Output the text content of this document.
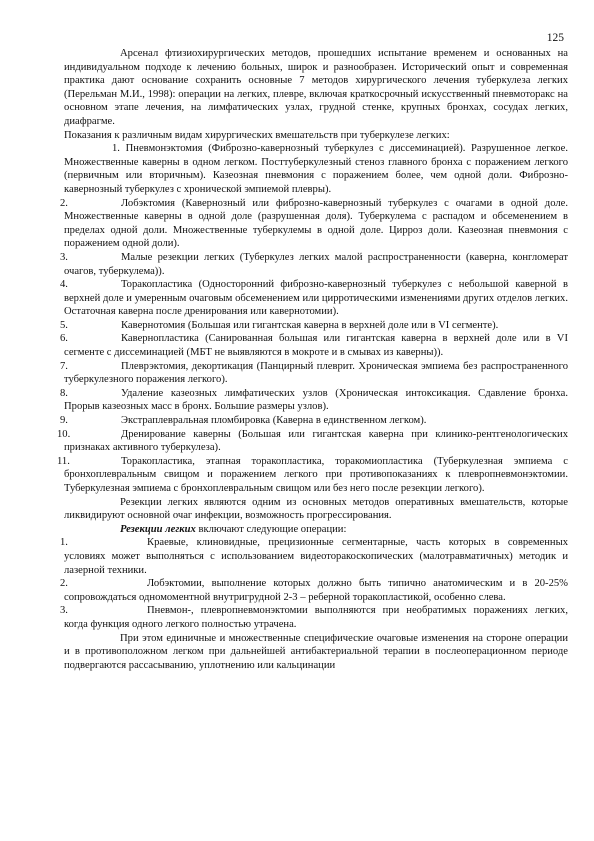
125

Арсенал фтизиохирургических методов, прошедших испытание временем и основанных на индивидуальном подходе к лечению больных, широк и разнообразен. Исторический опыт и современная практика дают основание сохранить основные 7 методов хирургического лечения туберкулеза легких (Перельман М.И., 1998): операции на легких, плевре, включая краткосрочный искусственный пневмоторакс на основном этапе лечения, на лимфатических узлах, грудной стенке, крупных бронхах, сосудах легких, диафрагме.

Показания к различным видам хирургических вмешательств при туберкулезе легких:

1. Пневмонэктомия (Фиброзно-кавернозный туберкулез с диссеминацией). Разрушенное легкое. Множественные каверны в одном легком. Посттуберкулезный стеноз главного бронха с поражением легкого (первичным или вторичным). Казеозная пневмония с поражением более, чем одной доли. Фиброзно-кавернозный туберкулез с хронической эмпиемой плевры).

2.	Лобэктомия (Кавернозный или фиброзно-кавернозный туберкулез с очагами в одной доле. Множественные каверны в одной доле (разрушенная доля). Туберкулема с распадом и обсеменением в пределах одной доли. Множественные туберкулемы в одной доле. Цирроз доли. Казеозная пневмония с поражением одной доли).

3.	Малые резекции легких (Туберкулез легких малой распространенности (каверна, конгломерат очагов, туберкулема)).

4.	Торакопластика (Односторонний фиброзно-кавернозный туберкулез с небольшой каверной в верхней доле и умеренным очаговым обсеменением или цирротическими изменениями других отделов легких. Остаточная каверна после дренирования или кавернотомии).

5.	Кавернотомия (Большая или гигантская каверна в верхней доле или в VI сегменте).

6.	Кавернопластика (Санированная большая или гигантская каверна в верхней доле или в VI сегменте с диссеминацией (МБТ не выявляются в мокроте и в смывах из каверны)).

7.	Плеврэктомия, декортикация (Панцирный плеврит. Хроническая эмпиема без распространенного туберкулезного поражения легкого).

8.	Удаление казеозных лимфатических узлов (Хроническая интоксикация. Сдавление бронха. Прорыв казеозных масс в бронх. Большие размеры узлов).

9.	Экстраплевральная пломбировка (Каверна в единственном легком).

10.	Дренирование каверны (Большая или гигантская каверна при клинико-рентгенологических признаках активного туберкулеза).

11.	Торакопластика, этапная торакопластика, торакомиопластика (Туберкулезная эмпиема с бронхоплевральным свищом и поражением легкого при противопоказаниях к плевропневмонэктомии. Туберкулезная эмпиема с бронхоплевральным свищом или без него после резекции легкого).

Резекции легких являются одним из основных методов оперативных вмешательств, которые ликвидируют основной очаг инфекции, возможность прогрессирования.

Резекции легких включают следующие операции:

1.	Краевые, клиновидные, прецизионные сегментарные, часть которых в современных условиях может выполняться с использованием видеоторакоскопических (малотравматичных) методик и лазерной техники.

2.	Лобэктомии, выполнение которых должно быть типично анатомическим и в 20-25% сопровождаться одномоментной внутригрудной 2-3 – реберной торакопластикой, особенно слева.

3.	Пневмон-, плевропневмонэктомии выполняются при необратимых поражениях легких, когда функция одного легкого полностью утрачена.

При этом единичные и множественные специфические очаговые изменения на стороне операции и в противоположном легком при дальнейшей антибактериальной терапии в послеоперационном периоде подвергаются рассасыванию, уплотнению или кальцинации
